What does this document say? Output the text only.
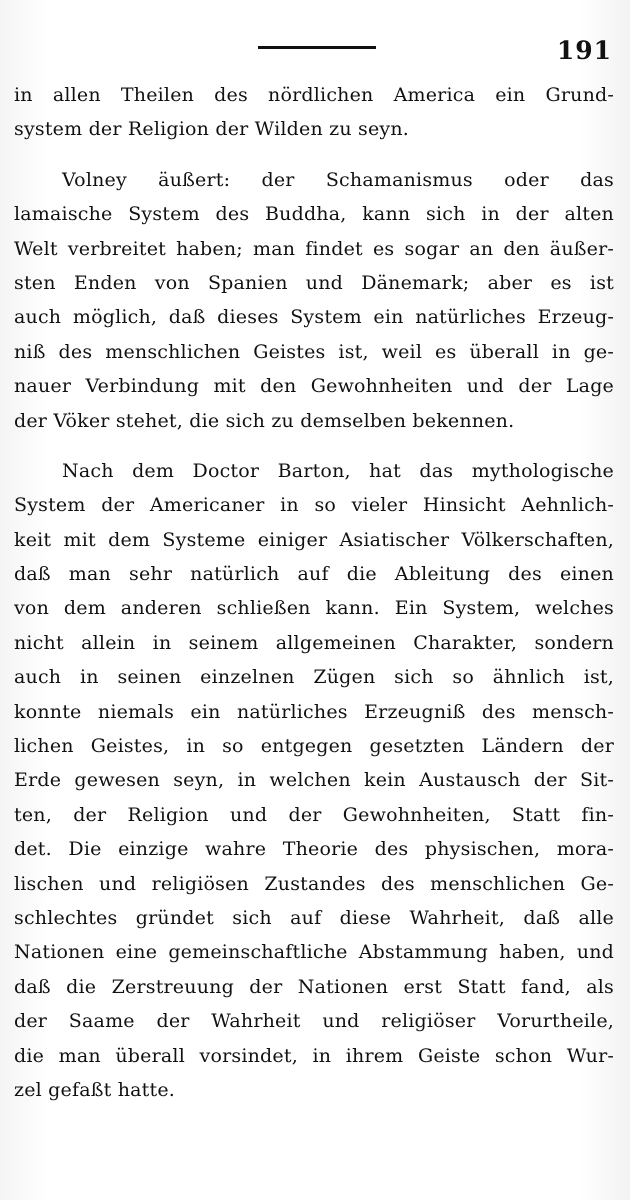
191
in allen Theilen des nördlichen America ein Grund-
system der Religion der Wilden zu seyn.
Volney äußert: der Schamanismus oder das
lamaische System des Buddha, kann sich in der alten
Welt verbreitet haben; man findet es sogar an den äußer-
sten Enden von Spanien und Dänemark; aber es ist
auch möglich, daß dieses System ein natürliches Erzeug-
niß des menschlichen Geistes ist, weil es überall in ge-
nauer Verbindung mit den Gewohnheiten und der Lage
der Vöker stehet, die sich zu demselben bekennen.
Nach dem Doctor Barton, hat das mythologische
System der Americaner in so vieler Hinsicht Aehnlich-
keit mit dem Systeme einiger Asiatischer Völkerschaften,
daß man sehr natürlich auf die Ableitung des einen
von dem anderen schließen kann. Ein System, welches
nicht allein in seinem allgemeinen Charakter, sondern
auch in seinen einzelnen Zügen sich so ähnlich ist,
konnte niemals ein natürliches Erzeugniß des mensch-
lichen Geistes, in so entgegen gesetzten Ländern der
Erde gewesen seyn, in welchen kein Austausch der Sit-
ten, der Religion und der Gewohnheiten, Statt fin-
det. Die einzige wahre Theorie des physischen, mora-
lischen und religiösen Zustandes des menschlichen Ge-
schlechtes gründet sich auf diese Wahrheit, daß alle
Nationen eine gemeinschaftliche Abstammung haben, und
daß die Zerstreuung der Nationen erst Statt fand, als
der Saame der Wahrheit und religiöser Vorurtheile,
die man überall vorsindet, in ihrem Geiste schon Wur-
zel gefaßt hatte.
